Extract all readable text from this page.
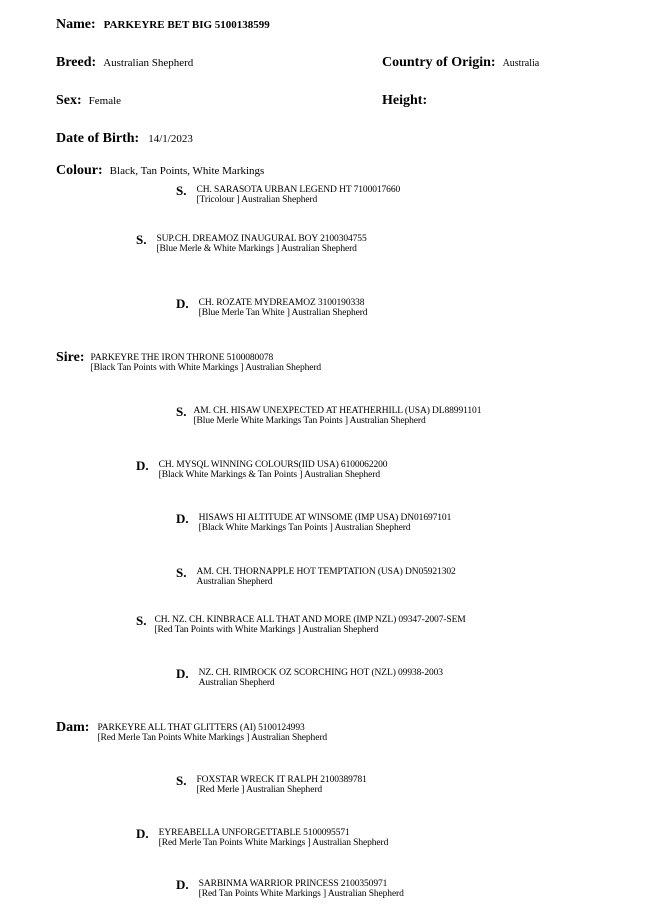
Name: PARKEYRE BET BIG 5100138599
Breed: Australian Shepherd	Country of Origin: Australia
Sex: Female	Height:
Date of Birth: 14/1/2023
Colour: Black, Tan Points, White Markings
$^{S.}$ CH. SARASOTA URBAN LEGEND HT 7100017660
[Tricolour ] Australian Shepherd
$^{S.}$ SUP.CH. DREAMOZ INAUGURAL BOY 2100304755
[Blue Merle & White Markings ] Australian Shepherd
$^{D.}$ CH. ROZATE MYDREAMOZ 3100190338
[Blue Merle Tan White ] Australian Shepherd
Sire: PARKEYRE THE IRON THRONE 5100080078
[Black Tan Points with White Markings ] Australian Shepherd
$^{S.}$ AM. CH. HISAW UNEXPECTED AT HEATHERHILL (USA) DL88991101
[Blue Merle White Markings Tan Points ] Australian Shepherd
$^{D.}$ CH. MYSQL WINNING COLOURS(IID USA) 6100062200
[Black White Markings & Tan Points ] Australian Shepherd
$^{D.}$ HISAWS HI ALTITUDE AT WINSOME (IMP USA) DN01697101
[Black White Markings Tan Points ] Australian Shepherd
$^{S.}$ AM. CH. THORNAPPLE HOT TEMPTATION (USA) DN05921302
Australian Shepherd
$^{S.}$ CH. NZ. CH. KINBRACE ALL THAT AND MORE (IMP NZL) 09347-2007-SEM
[Red Tan Points with White Markings ] Australian Shepherd
$^{D.}$ NZ. CH. RIMROCK OZ SCORCHING HOT (NZL) 09938-2003
Australian Shepherd
Dam: PARKEYRE ALL THAT GLITTERS (AI) 5100124993
[Red Merle Tan Points White Markings ] Australian Shepherd
$^{S.}$ FOXSTAR WRECK IT RALPH 2100389781
[Red Merle ] Australian Shepherd
$^{D.}$ EYREABELLA UNFORGETTABLE 5100095571
[Red Merle Tan Points White Markings ] Australian Shepherd
$^{D.}$ SARBINMA WARRIOR PRINCESS 2100350971
[Red Tan Points White Markings ] Australian Shepherd
